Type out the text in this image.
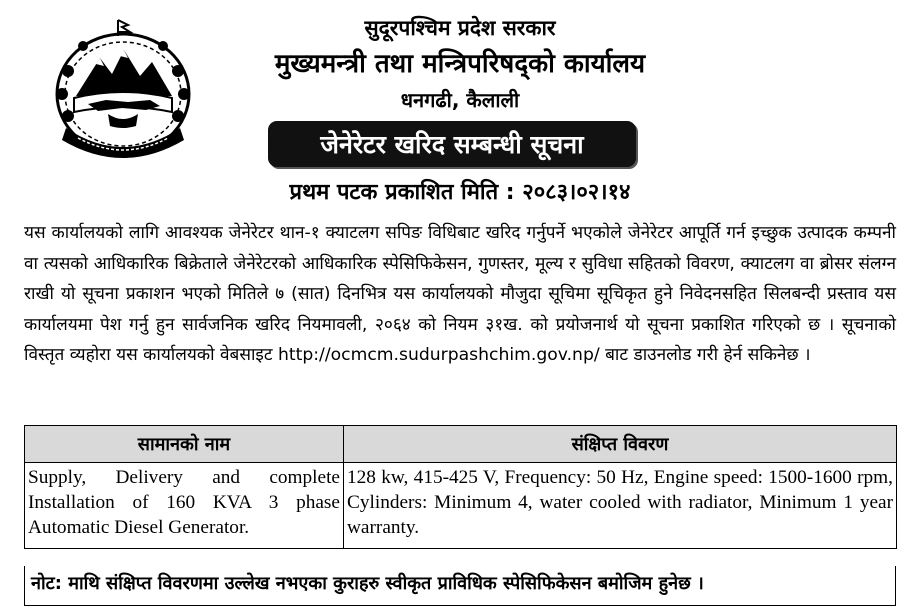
सुदूरपश्चिम प्रदेश सरकार
मुख्यमन्त्री तथा मन्त्रिपरिषद्को कार्यालय
धनगढी, कैलाली
जेनेरेटर खरिद सम्बन्धी सूचना
प्रथम पटक प्रकाशित मिति : २०८३।०२।१४
यस कार्यालयको लागि आवश्यक जेनेरेटर थान-१ क्याटलग सपिङ विधिबाट खरिद गर्नुपर्ने भएकोले जेनेरेटर आपूर्ति गर्न इच्छुक उत्पादक कम्पनी वा त्यसको आधिकारिक बिक्रेताले जेनेरेटरको आधिकारिक स्पेसिफिकेसन, गुणस्तर, मूल्य र सुविधा सहितको विवरण, क्याटलग वा ब्रोसर संलग्न राखी यो सूचना प्रकाशन भएको मितिले ७ (सात) दिनभित्र यस कार्यालयको मौजुदा सूचिमा सूचिकृत हुने निवेदनसहित सिलबन्दी प्रस्ताव यस कार्यालयमा पेश गर्नु हुन सार्वजनिक खरिद नियमावली, २०६४ को नियम ३१ख. को प्रयोजनार्थ यो सूचना प्रकाशित गरिएको छ । सूचनाको विस्तृत व्यहोरा यस कार्यालयको वेबसाइट http://ocmcm.sudurpashchim.gov.np/ बाट डाउनलोड गरी हेर्न सकिनेछ ।
सामानको नाम	संक्षिप्त विवरण
Supply, Delivery and complete Installation of 160 KVA 3 phase Automatic Diesel Generator.	128 kw, 415-425 V, Frequency: 50 Hz, Engine speed: 1500-1600 rpm, Cylinders: Minimum 4, water cooled with radiator, Minimum 1 year warranty.
नोट: माथि संक्षिप्त विवरणमा उल्लेख नभएका कुराहरु स्वीकृत प्राविधिक स्पेसिफिकेसन बमोजिम हुनेछ ।
